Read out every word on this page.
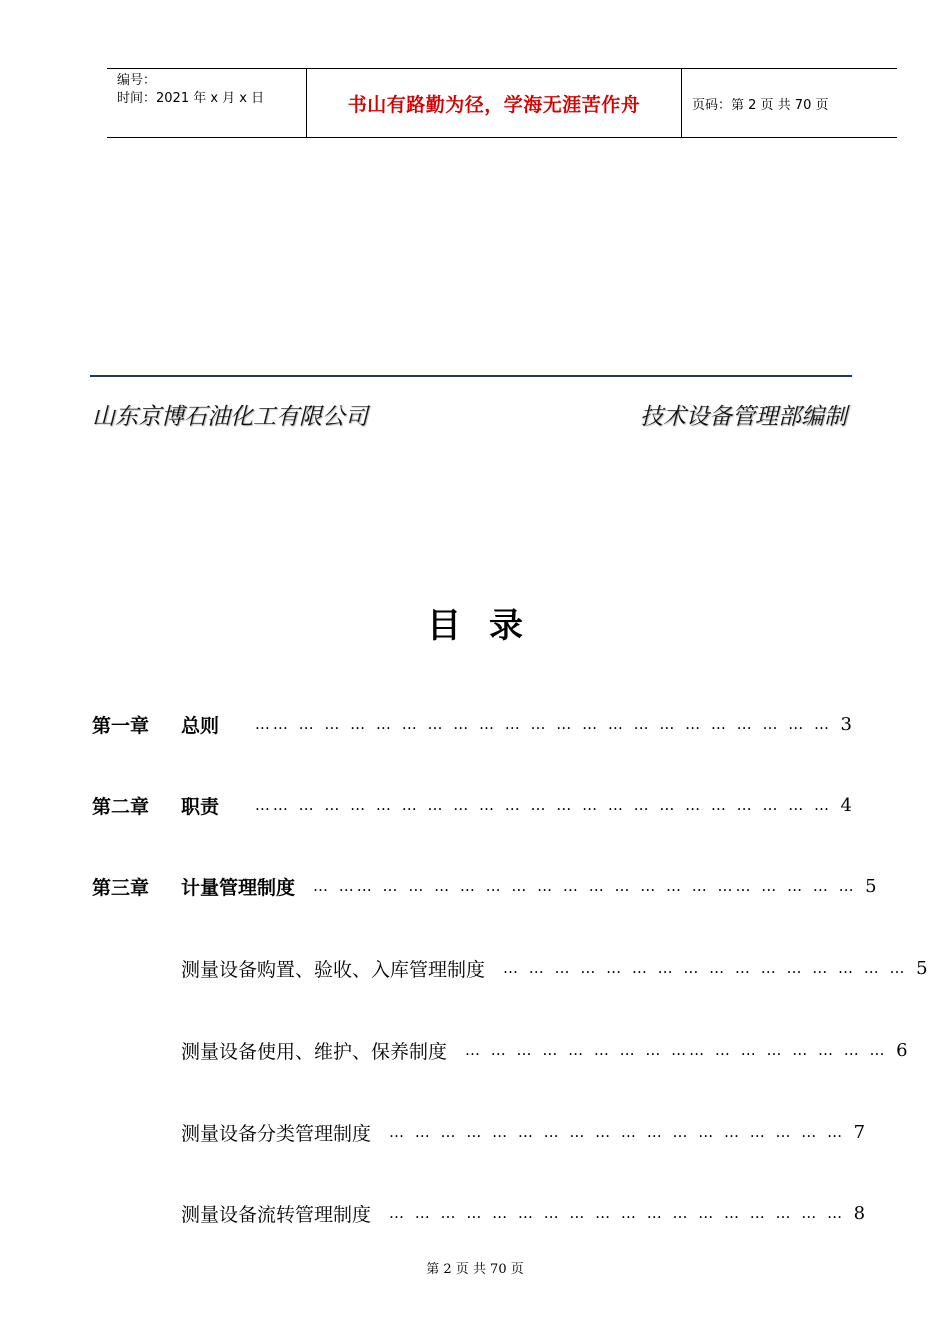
编号：
时间：2021 年 x 月 x 日	书山有路勤为径，学海无涯苦作舟	页码：第 2 页 共 70 页
山东京博石油化工有限公司	技术设备管理部编制
目录
第一章	总则	…… … … … … … … … … … … … … … … … … … … … … … 3
第二章	职责	…… … … … … … … … … … … … … … … … … … … … … … 4
第三章	计量管理制度	… …… … … … … … … … … … … … … … …… … … … … 5
测量设备购置、验收、入库管理制度	… … … … … … … … … … … … … … … … 5
测量设备使用、维护、保养制度	… … … … … … … … …… … … … … … … … 6
测量设备分类管理制度	… … … … … … … … … … … … … … … … … … 7
测量设备流转管理制度	… … … … … … … … … … … … … … … … … … 8
第 2 页 共 70 页
